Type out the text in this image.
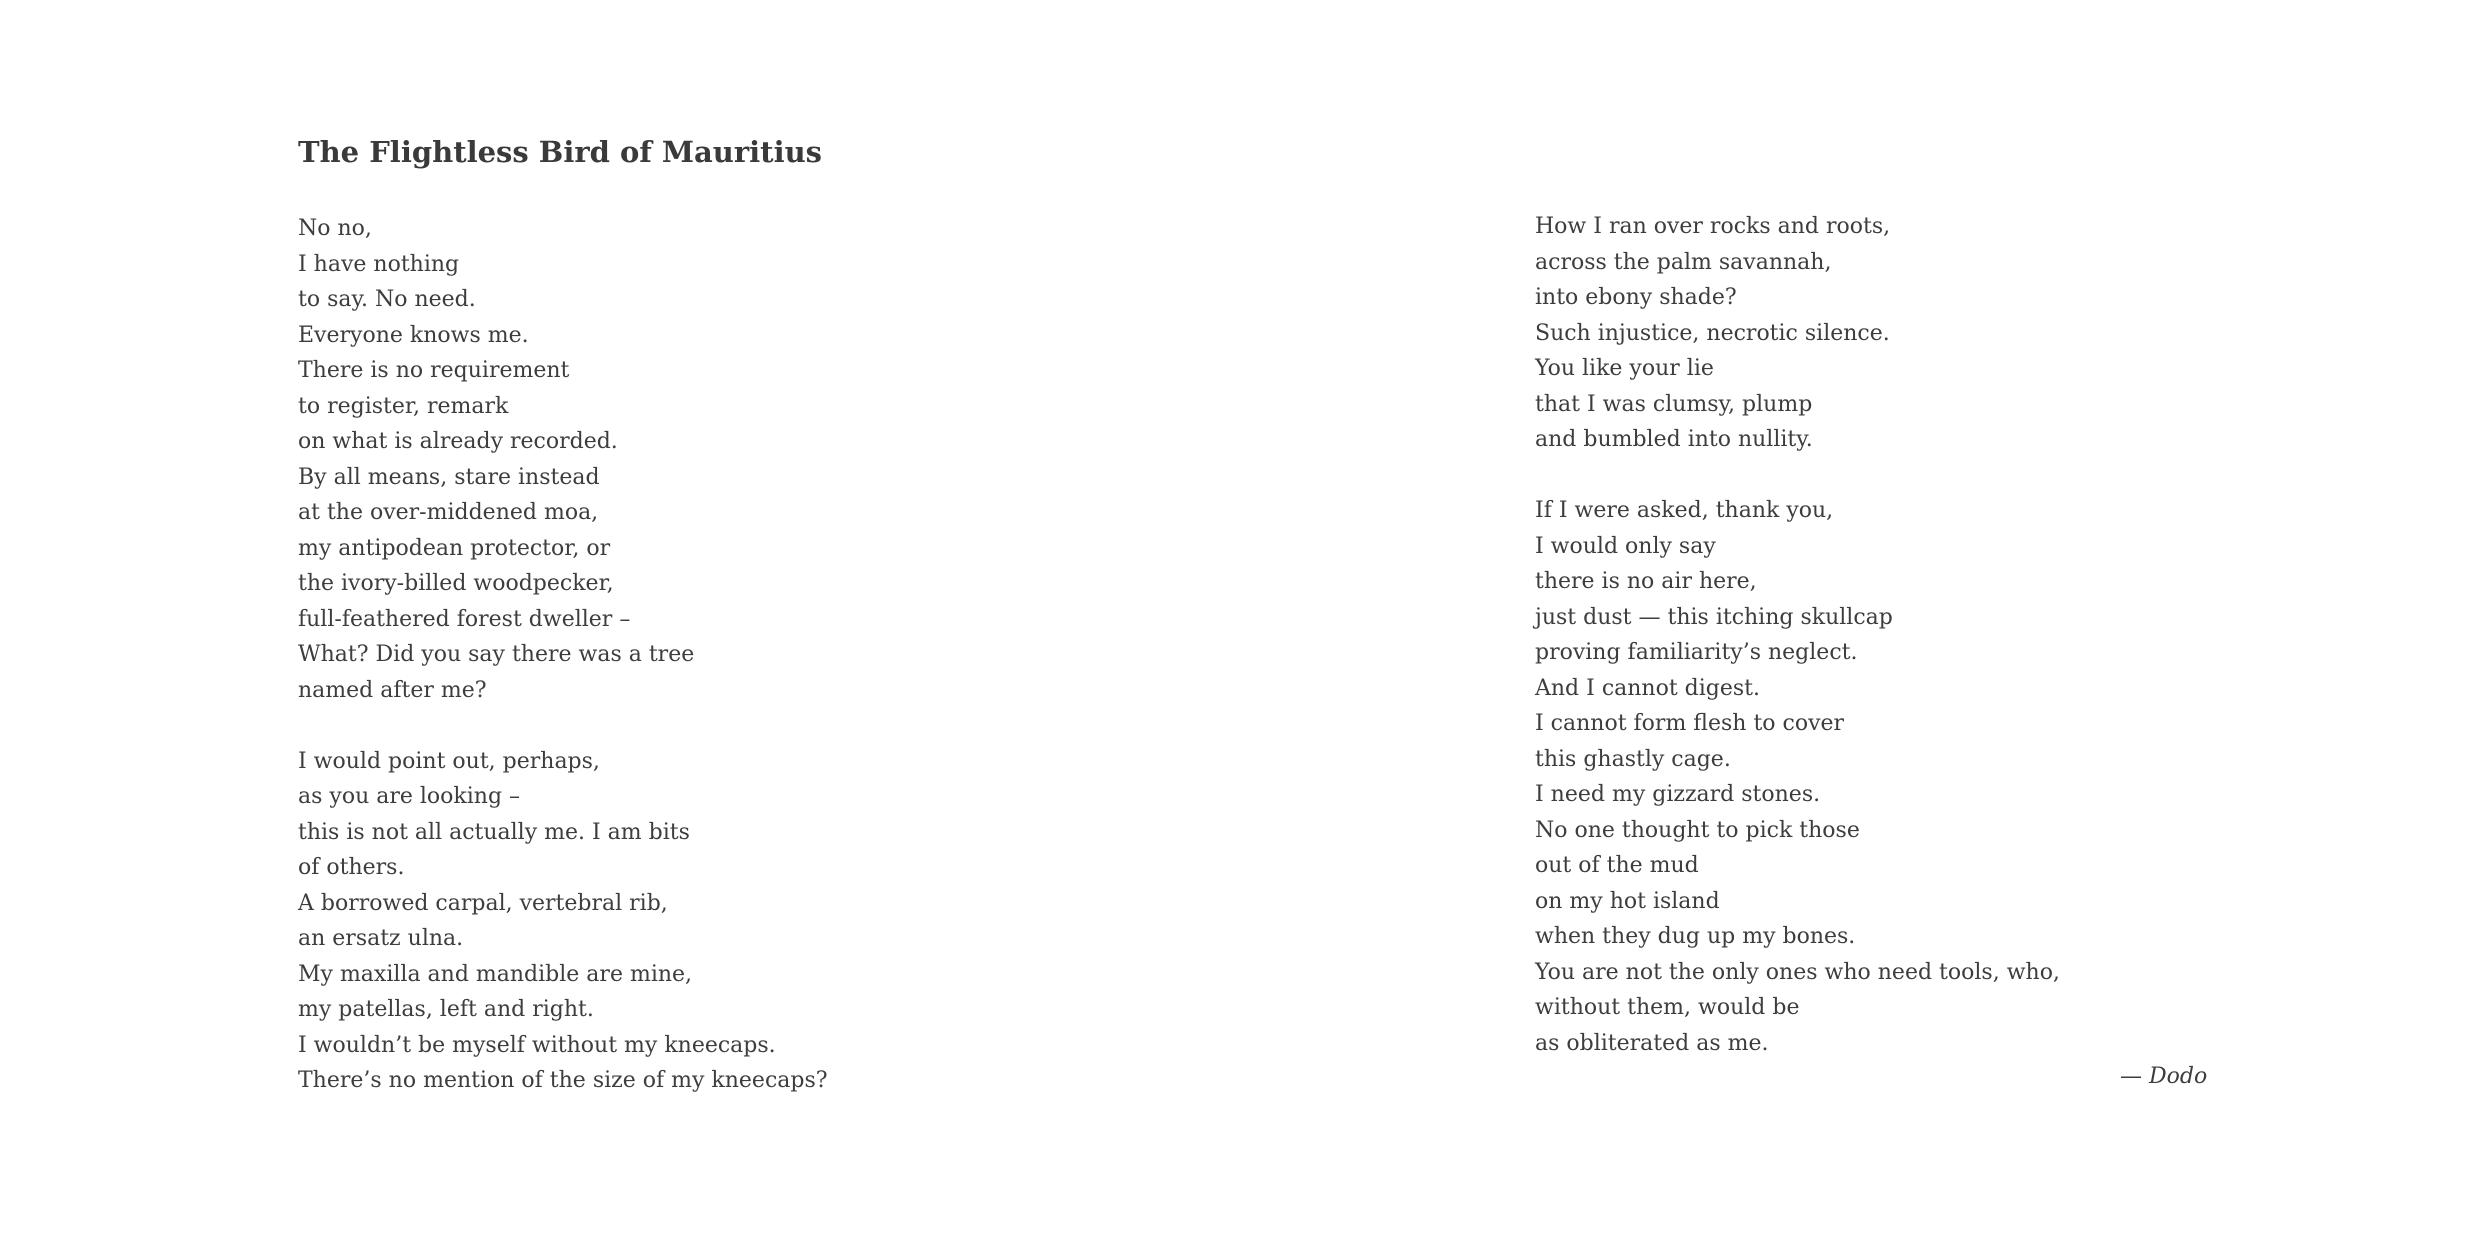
The Flightless Bird of Mauritius
No no,
I have nothing
to say. No need.
Everyone knows me.
There is no requirement
to register, remark
on what is already recorded.
By all means, stare instead
at the over-middened moa,
my antipodean protector, or
the ivory-billed woodpecker,
full-feathered forest dweller –
What? Did you say there was a tree
named after me?
I would point out, perhaps,
as you are looking –
this is not all actually me. I am bits
of others.
A borrowed carpal, vertebral rib,
an ersatz ulna.
My maxilla and mandible are mine,
my patellas, left and right.
I wouldn’t be myself without my kneecaps.
There’s no mention of the size of my kneecaps?
How I ran over rocks and roots,
across the palm savannah,
into ebony shade?
Such injustice, necrotic silence.
You like your lie
that I was clumsy, plump
and bumbled into nullity.
If I were asked, thank you,
I would only say
there is no air here,
just dust — this itching skullcap
proving familiarity’s neglect.
And I cannot digest.
I cannot form flesh to cover
this ghastly cage.
I need my gizzard stones.
No one thought to pick those
out of the mud
on my hot island
when they dug up my bones.
You are not the only ones who need tools, who,
without them, would be
as obliterated as me.
— Dodo
